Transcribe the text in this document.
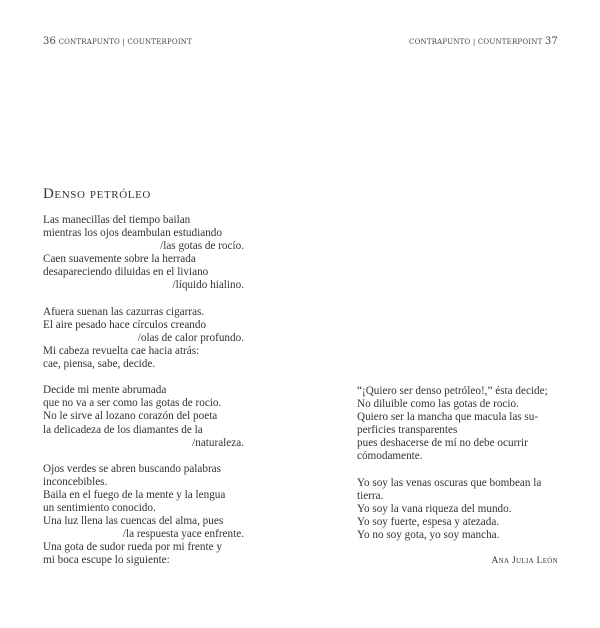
36 CONTRAPUNTO | COUNTERPOINT	CONTRAPUNTO | COUNTERPOINT 37
Denso petróleo
Las manecillas del tiempo bailan
mientras los ojos deambulan estudiando
/las gotas de rocío.
Caen suavemente sobre la herrada
desapareciendo diluidas en el liviano
/líquido hialino.
Afuera suenan las cazurras cigarras.
El aire pesado hace círculos creando
/olas de calor profundo.
Mi cabeza revuelta cae hacia atrás:
cae, piensa, sabe, decide.
Decide mi mente abrumada
que no va a ser como las gotas de rocio.
No le sirve al lozano corazón del poeta
la delicadeza de los diamantes de la
/naturaleza.
Ojos verdes se abren buscando palabras
inconcebibles.
Baila en el fuego de la mente y la lengua
un sentimiento conocido.
Una luz llena las cuencas del alma, pues
/la respuesta yace enfrente.
Una gota de sudor rueda por mi frente y
mi boca escupe lo siguiente:
“¡Quiero ser denso petróleo!,” ésta decide;
No diluible como las gotas de rocio.
Quiero ser la mancha que macula las su-
perficies transparentes
pues deshacerse de mí no debe ocurrir
cómodamente.
Yo soy las venas oscuras que bombean la
tierra.
Yo soy la vana riqueza del mundo.
Yo soy fuerte, espesa y atezada.
Yo no soy gota, yo soy mancha.
Ana Julia León
